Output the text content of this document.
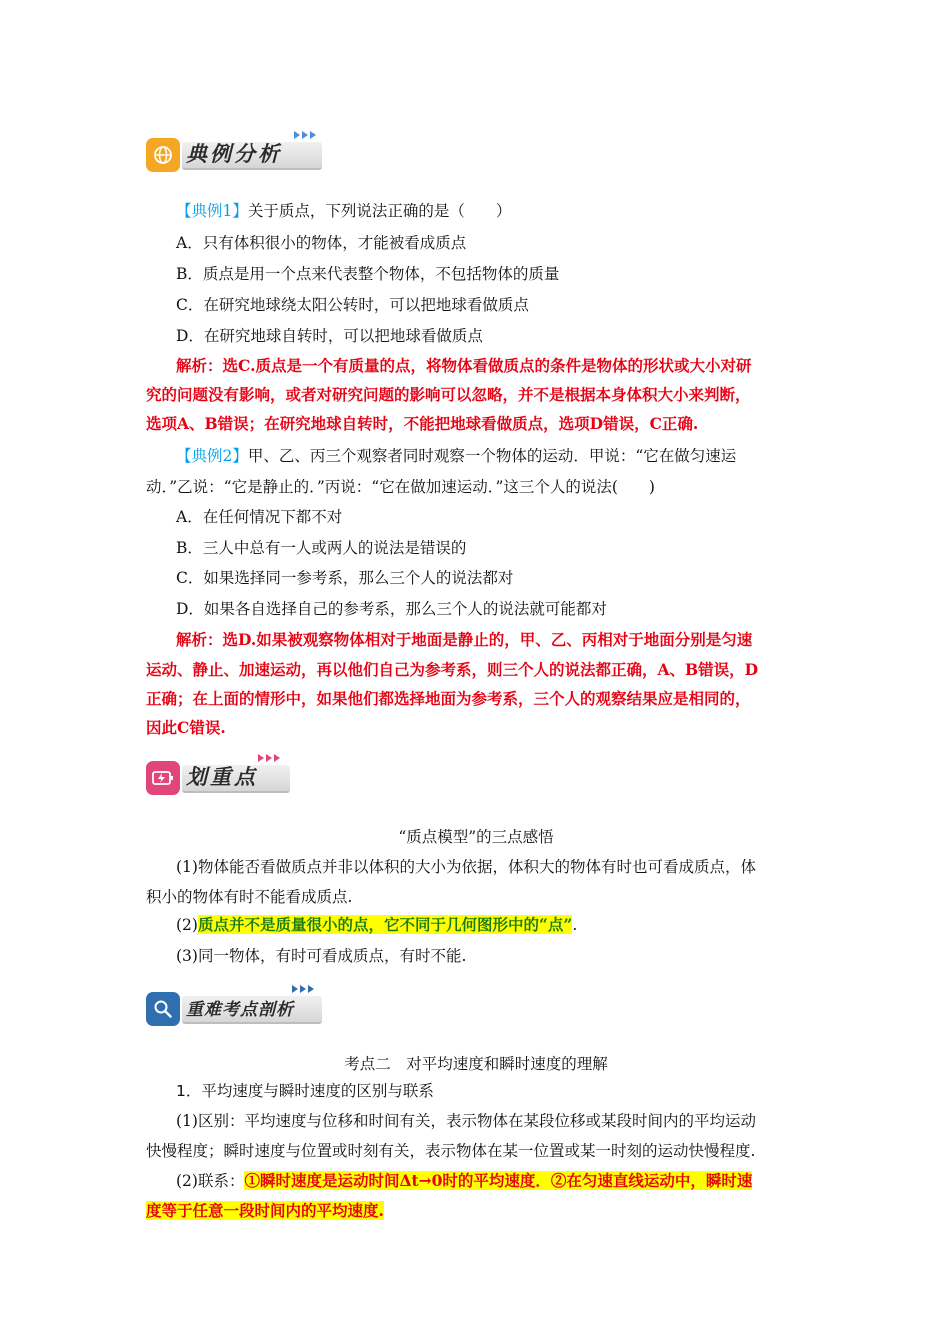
典例分析
【典例1】关于质点，下列说法正确的是（　　）
A．只有体积很小的物体，才能被看成质点
B．质点是用一个点来代表整个物体，不包括物体的质量
C．在研究地球绕太阳公转时，可以把地球看做质点
D．在研究地球自转时，可以把地球看做质点
解析：选C.质点是一个有质量的点，将物体看做质点的条件是物体的形状或大小对研
究的问题没有影响，或者对研究问题的影响可以忽略，并不是根据本身体积大小来判断，
选项A、B错误；在研究地球自转时，不能把地球看做质点，选项D错误，C正确.
【典例2】甲、乙、丙三个观察者同时观察一个物体的运动．甲说：“它在做匀速运
动．”乙说：“它是静止的．”丙说：“它在做加速运动．”这三个人的说法(　　)
A．在任何情况下都不对
B．三人中总有一人或两人的说法是错误的
C．如果选择同一参考系，那么三个人的说法都对
D．如果各自选择自己的参考系，那么三个人的说法就可能都对
解析：选D.如果被观察物体相对于地面是静止的，甲、乙、丙相对于地面分别是匀速
运动、静止、加速运动，再以他们自己为参考系，则三个人的说法都正确，A、B错误，D
正确；在上面的情形中，如果他们都选择地面为参考系，三个人的观察结果应是相同的，
因此C错误.
划重点
“质点模型”的三点感悟
(1)物体能否看做质点并非以体积的大小为依据，体积大的物体有时也可看成质点，体
积小的物体有时不能看成质点.
(2)质点并不是质量很小的点，它不同于几何图形中的“点”.
(3)同一物体，有时可看成质点，有时不能.
重难考点剖析
考点二　对平均速度和瞬时速度的理解
1．平均速度与瞬时速度的区别与联系
(1)区别：平均速度与位移和时间有关，表示物体在某段位移或某段时间内的平均运动
快慢程度；瞬时速度与位置或时刻有关，表示物体在某一位置或某一时刻的运动快慢程度.
(2)联系：①瞬时速度是运动时间Δt→0时的平均速度．②在匀速直线运动中，瞬时速
度等于任意一段时间内的平均速度.
